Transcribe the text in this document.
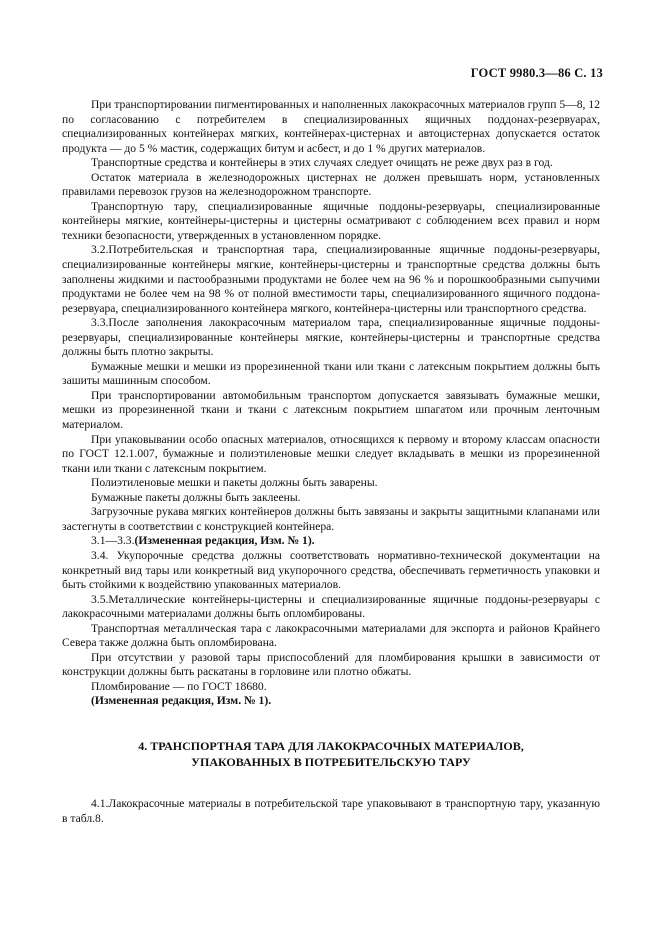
ГОСТ 9980.3—86 С. 13

При транспортировании пигментированных и наполненных лакокрасочных материалов групп 5—8, 12 по согласованию с потребителем в специализированных ящичных поддонах-резервуарах, специализированных контейнерах мягких, контейнерах-цистернах и автоцистернах допускается остаток продукта — до 5 % мастик, содержащих битум и асбест, и до 1 % других материалов.

Транспортные средства и контейнеры в этих случаях следует очищать не реже двух раз в год.

Остаток материала в железнодорожных цистернах не должен превышать норм, установленных правилами перевозок грузов на железнодорожном транспорте.

Транспортную тару, специализированные ящичные поддоны-резервуары, специализированные контейнеры мягкие, контейнеры-цистерны и цистерны осматривают с соблюдением всех правил и норм техники безопасности, утвержденных в установленном порядке.

3.2.Потребительская и транспортная тара, специализированные ящичные поддоны-резервуары, специализированные контейнеры мягкие, контейнеры-цистерны и транспортные средства должны быть заполнены жидкими и пастообразными продуктами не более чем на 96 % и порошкообразными сыпучими продуктами не более чем на 98 % от полной вместимости тары, специализированного ящичного поддона-резервуара, специализированного контейнера мягкого, контейнера-цистерны или транспортного средства.

3.3.После заполнения лакокрасочным материалом тара, специализированные ящичные поддоны-резервуары, специализированные контейнеры мягкие, контейнеры-цистерны и транспортные средства должны быть плотно закрыты.

Бумажные мешки и мешки из прорезиненной ткани или ткани с латексным покрытием должны быть зашиты машинным способом.

При транспортировании автомобильным транспортом допускается завязывать бумажные мешки, мешки из прорезиненной ткани и ткани с латексным покрытием шпагатом или прочным ленточным материалом.

При упаковывании особо опасных материалов, относящихся к первому и второму классам опасности по ГОСТ 12.1.007, бумажные и полиэтиленовые мешки следует вкладывать в мешки из прорезиненной ткани или ткани с латексным покрытием.

Полиэтиленовые мешки и пакеты должны быть заварены.

Бумажные пакеты должны быть заклеены.

Загрузочные рукава мягких контейнеров должны быть завязаны и закрыты защитными клапанами или застегнуты в соответствии с конструкцией контейнера.

3.1—3.3.(Измененная редакция, Изм. № 1).

3.4. Укупорочные средства должны соответствовать нормативно-технической документации на конкретный вид тары или конкретный вид укупорочного средства, обеспечивать герметичность упаковки и быть стойкими к воздействию упакованных материалов.

3.5.Металлические контейнеры-цистерны и специализированные ящичные поддоны-резервуары с лакокрасочными материалами должны быть опломбированы.

Транспортная металлическая тара с лакокрасочными материалами для экспорта и районов Крайнего Севера также должна быть опломбирована.

При отсутствии у разовой тары приспособлений для пломбирования крышки в зависимости от конструкции должны быть раскатаны в горловине или плотно обжаты.

Пломбирование — по ГОСТ 18680.

(Измененная редакция, Изм. № 1).

4. ТРАНСПОРТНАЯ ТАРА ДЛЯ ЛАКОКРАСОЧНЫХ МАТЕРИАЛОВ,
УПАКОВАННЫХ В ПОТРЕБИТЕЛЬСКУЮ ТАРУ

4.1.Лакокрасочные материалы в потребительской таре упаковывают в транспортную тару, указанную в табл.8.
